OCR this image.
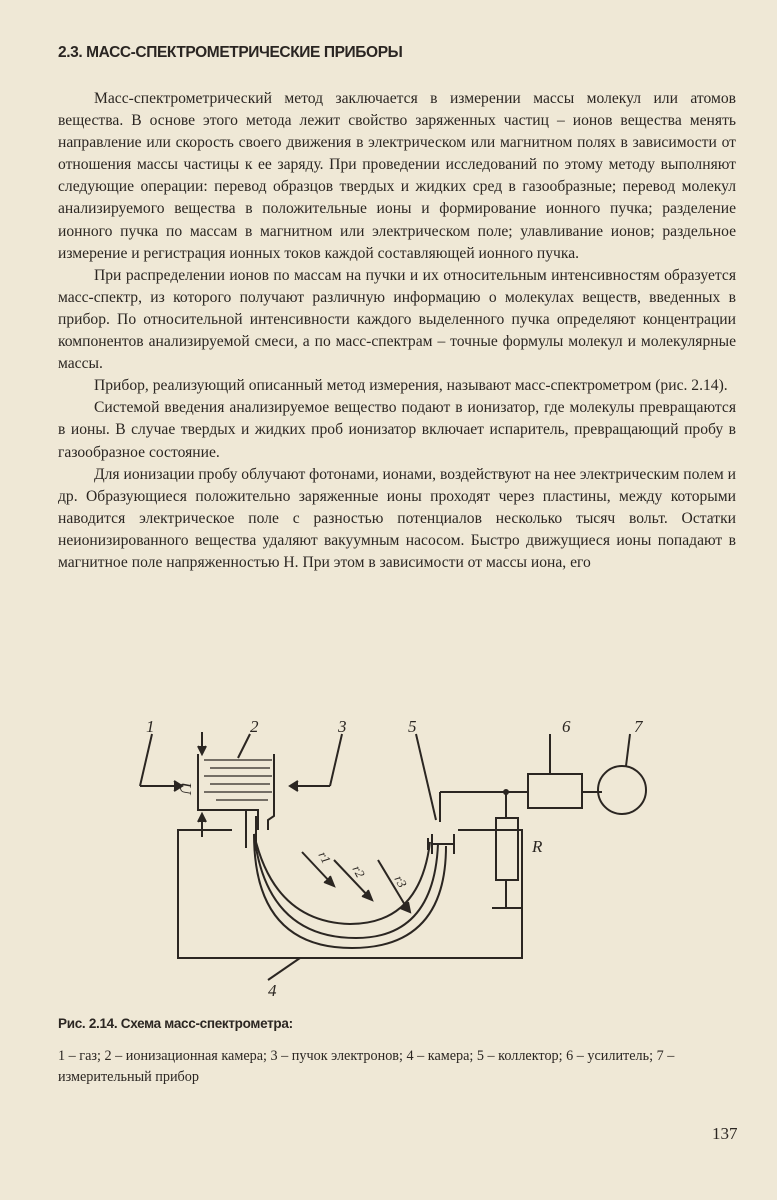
2.3. МАСС-СПЕКТРОМЕТРИЧЕСКИЕ ПРИБОРЫ

Масс-спектрометрический метод заключается в измерении массы молекул или атомов вещества. В основе этого метода лежит свойство заряженных частиц – ионов вещества менять направление или скорость своего движения в электрическом или магнитном полях в зависимости от отношения массы частицы к ее заряду. При проведении исследований по этому методу выполняют следующие операции: перевод образцов твердых и жидких сред в газообразные; перевод молекул анализируемого вещества в положительные ионы и формирование ионного пучка; разделение ионного пучка по массам в магнитном или электрическом поле; улавливание ионов; раздельное измерение и регистрация ионных токов каждой составляющей ионного пучка.

При распределении ионов по массам на пучки и их относительным интенсивностям образуется масс-спектр, из которого получают различную информацию о молекулах веществ, введенных в прибор. По относительной интенсивности каждого выделенного пучка определяют концентрации компонентов анализируемой смеси, а по масс-спектрам – точные формулы молекул и молекулярные массы.

Прибор, реализующий описанный метод измерения, называют масс-спектрометром (рис. 2.14).

Системой введения анализируемое вещество подают в ионизатор, где молекулы превращаются в ионы. В случае твердых и жидких проб ионизатор включает испаритель, превращающий пробу в газообразное состояние.

Для ионизации пробу облучают фотонами, ионами, воздействуют на нее электрическим полем и др. Образующиеся положительно заряженные ионы проходят через пластины, между которыми наводится электрическое поле с разностью потенциалов несколько тысяч вольт. Остатки неионизированного вещества удаляют вакуумным насосом. Быстро движущиеся ионы попадают в магнитное поле напряженностью H. При этом в зависимости от массы иона, его

1	2	3
4
5	6	7
U
R
r1
r2
r3
Рис. 2.14. Схема масс-спектрометра:
1 – газ; 2 – ионизационная камера; 3 – пучок электронов; 4 – камера; 5 – коллектор; 6 – усилитель; 7 – измерительный прибор
137
